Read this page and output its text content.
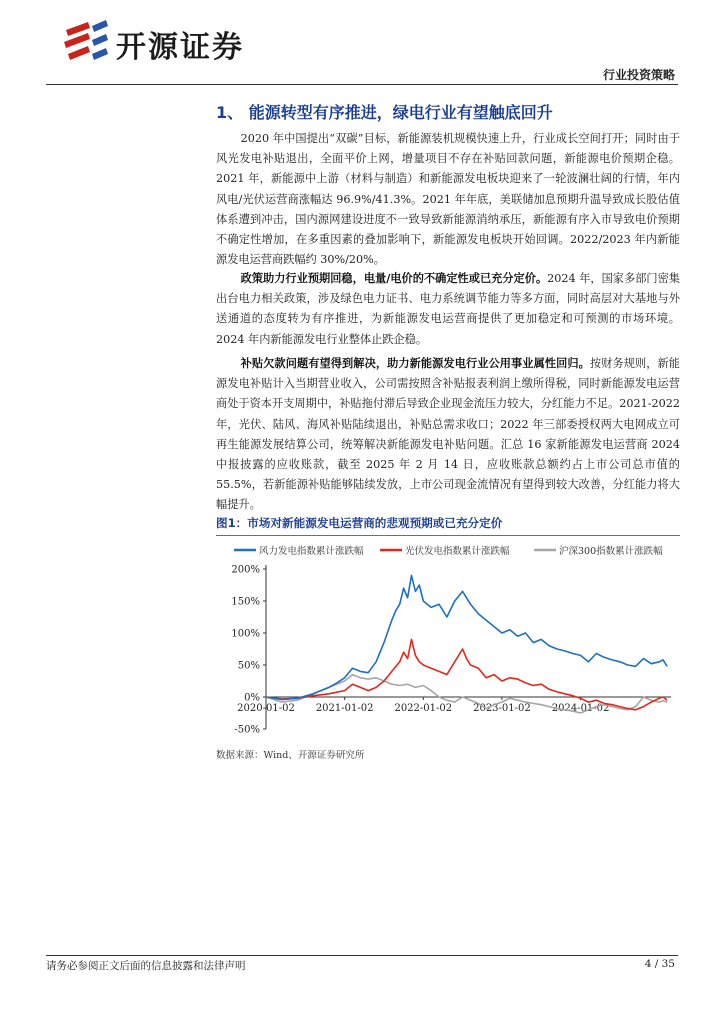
开源证券
行业投资策略
1、 能源转型有序推进，绿电行业有望触底回升

2020 年中国提出“双碳”目标，新能源装机规模快速上升，行业成长空间打开；同时由于风光发电补贴退出，全面平价上网，增量项目不存在补贴回款问题，新能源电价预期企稳。2021 年，新能源中上游（材料与制造）和新能源发电板块迎来了一轮波澜壮阔的行情，年内风电/光伏运营商涨幅达 96.9%/41.3%。2021 年年底，美联储加息预期升温导致成长股估值体系遭到冲击，国内源网建设进度不一致导致新能源消纳承压，新能源有序入市导致电价预期不确定性增加，在多重因素的叠加影响下，新能源发电板块开始回调。2022/2023 年内新能源发电运营商跌幅约 30%/20%。

政策助力行业预期回稳，电量/电价的不确定性或已充分定价。2024 年，国家多部门密集出台电力相关政策，涉及绿色电力证书、电力系统调节能力等多方面，同时高层对大基地与外送通道的态度转为有序推进，为新能源发电运营商提供了更加稳定和可预测的市场环境。2024 年内新能源发电行业整体止跌企稳。

补贴欠款问题有望得到解决，助力新能源发电行业公用事业属性回归。按财务规则，新能源发电补贴计入当期营业收入，公司需按照含补贴报表利润上缴所得税，同时新能源发电运营商处于资本开支周期中，补贴拖付滞后导致企业现金流压力较大，分红能力不足。2021-2022 年，光伏、陆风、海风补贴陆续退出，补贴总需求收口；2022 年三部委授权两大电网成立可再生能源发展结算公司，统筹解决新能源发电补贴问题。汇总 16 家新能源发电运营商 2024 中报披露的应收账款，截至 2025 年 2 月 14 日，应收账款总额约占上市公司总市值的 55.5%，若新能源补贴能够陆续发放，上市公司现金流情况有望得到较大改善，分红能力将大幅提升。

图1：市场对新能源发电运营商的悲观预期或已充分定价
风力发电指数累计涨跌幅	光伏发电指数累计涨跌幅	沪深300指数累计涨跌幅
200%
150%
100%
50%
0%
-50%
2020-01-02 2021-01-02 2022-01-02 2023-01-02 2024-01-02
数据来源：Wind、开源证券研究所
请务必参阅正文后面的信息披露和法律声明	4 / 35
